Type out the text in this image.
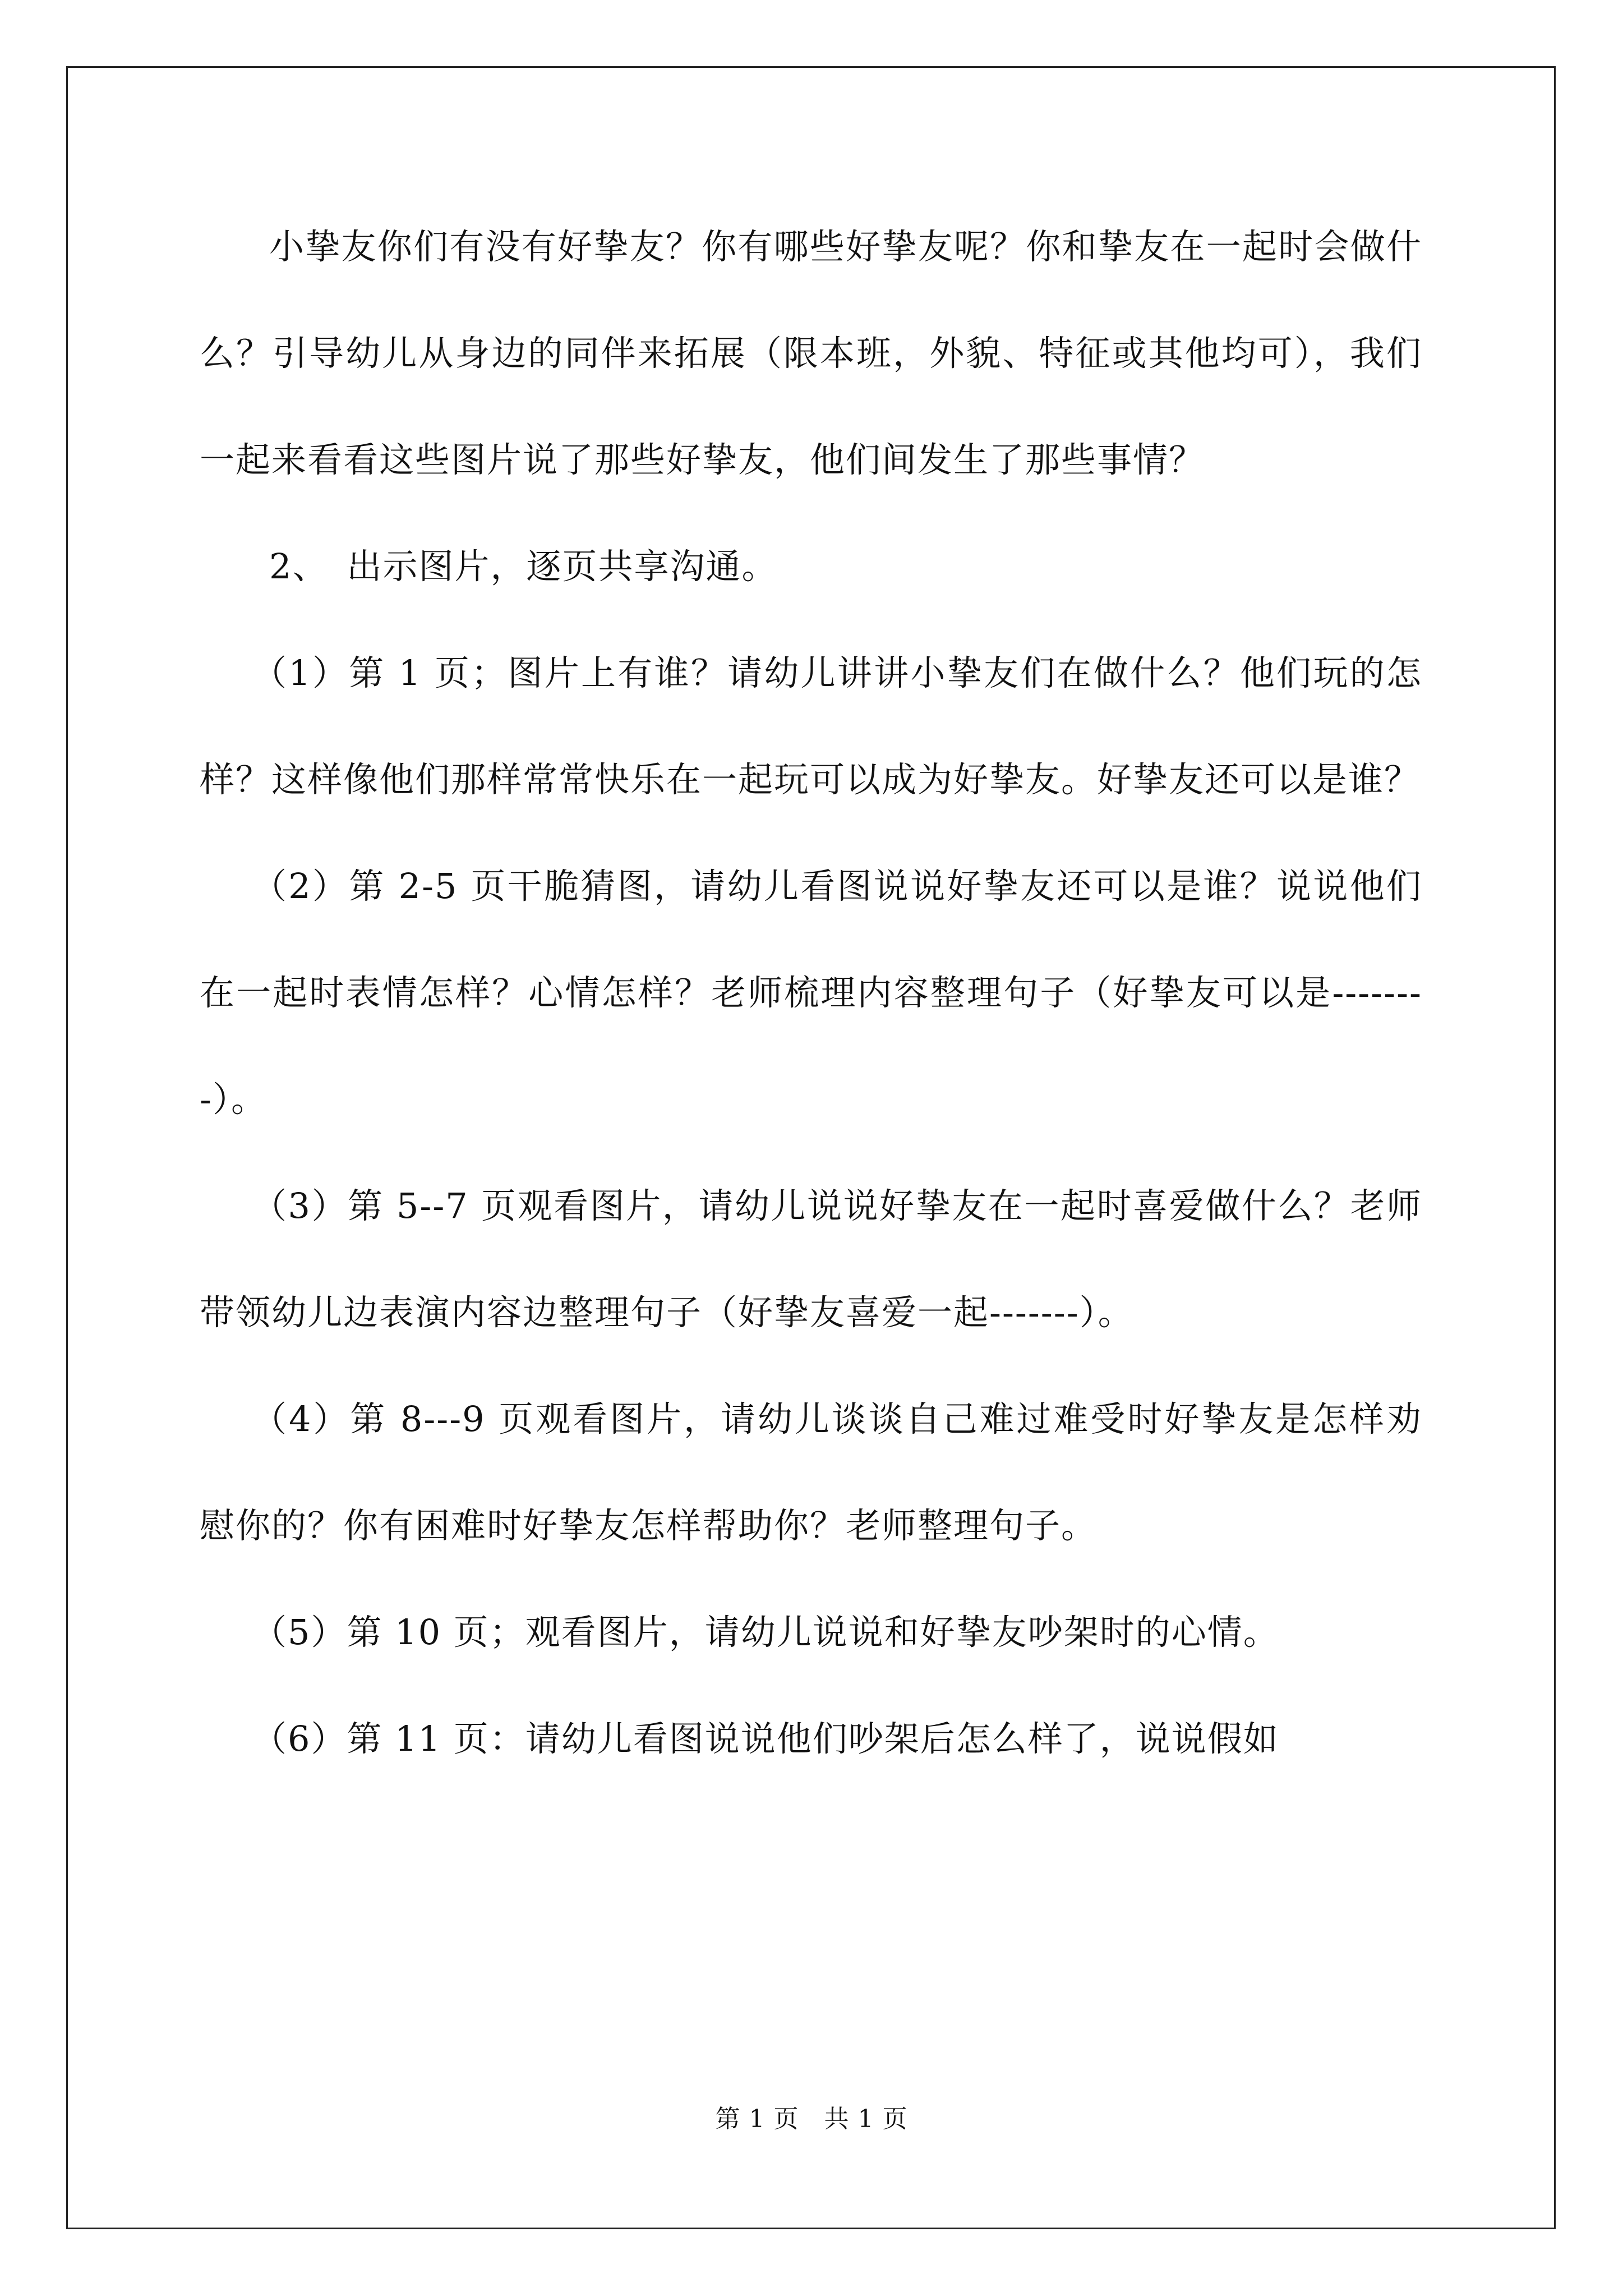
小挚友你们有没有好挚友？你有哪些好挚友呢？你和挚友在一起时会做什么？引导幼儿从身边的同伴来拓展（限本班，外貌、特征或其他均可），我们一起来看看这些图片说了那些好挚友，他们间发生了那些事情？

2、　出示图片，逐页共享沟通。

（1）第 1 页；图片上有谁？请幼儿讲讲小挚友们在做什么？他们玩的怎样？这样像他们那样常常快乐在一起玩可以成为好挚友。好挚友还可以是谁？

（2）第 2-5 页干脆猜图，请幼儿看图说说好挚友还可以是谁？说说他们在一起时表情怎样？心情怎样？老师梳理内容整理句子（好挚友可以是--------）。

（3）第 5--7 页观看图片，请幼儿说说好挚友在一起时喜爱做什么？老师带领幼儿边表演内容边整理句子（好挚友喜爱一起-------）。

（4）第 8---9 页观看图片，请幼儿谈谈自己难过难受时好挚友是怎样劝慰你的？你有困难时好挚友怎样帮助你？老师整理句子。

（5）第 10 页；观看图片，请幼儿说说和好挚友吵架时的心情。

（6）第 11 页：请幼儿看图说说他们吵架后怎么样了，说说假如

第 1 页　共 1 页
